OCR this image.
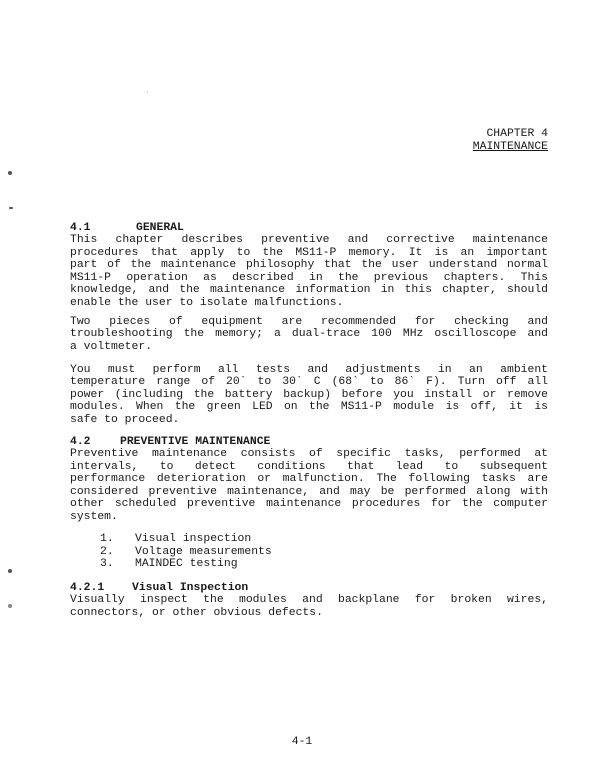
CHAPTER 4
MAINTENANCE
4.1	GENERAL
This chapter describes preventive and corrective maintenance
procedures that apply to the MS11-P memory. It is an important
part of the maintenance philosophy that the user understand normal
MS11-P operation as described in the previous chapters. This
knowledge, and the maintenance information in this chapter, should
enable the user to isolate malfunctions.
Two pieces of equipment are recommended for checking and
troubleshooting the memory; a dual-trace 100 MHz oscilloscope and
a voltmeter.
You must perform all tests and adjustments in an ambient
temperature range of 20` to 30` C (68` to 86` F). Turn off all
power (including the battery backup) before you install or remove
modules. When the green LED on the MS11-P module is off, it is
safe to proceed.
4.2	PREVENTIVE MAINTENANCE
Preventive maintenance consists of specific tasks, performed at
intervals, to detect conditions that lead to subsequent
performance deterioration or malfunction. The following tasks are
considered preventive maintenance, and may be performed along with
other scheduled preventive maintenance procedures for the computer
system.
1. Visual inspection
2. Voltage measurements
3. MAINDEC testing
4.2.1 Visual Inspection
Visually inspect the modules and backplane for broken wires,
connectors, or other obvious defects.
4-1
